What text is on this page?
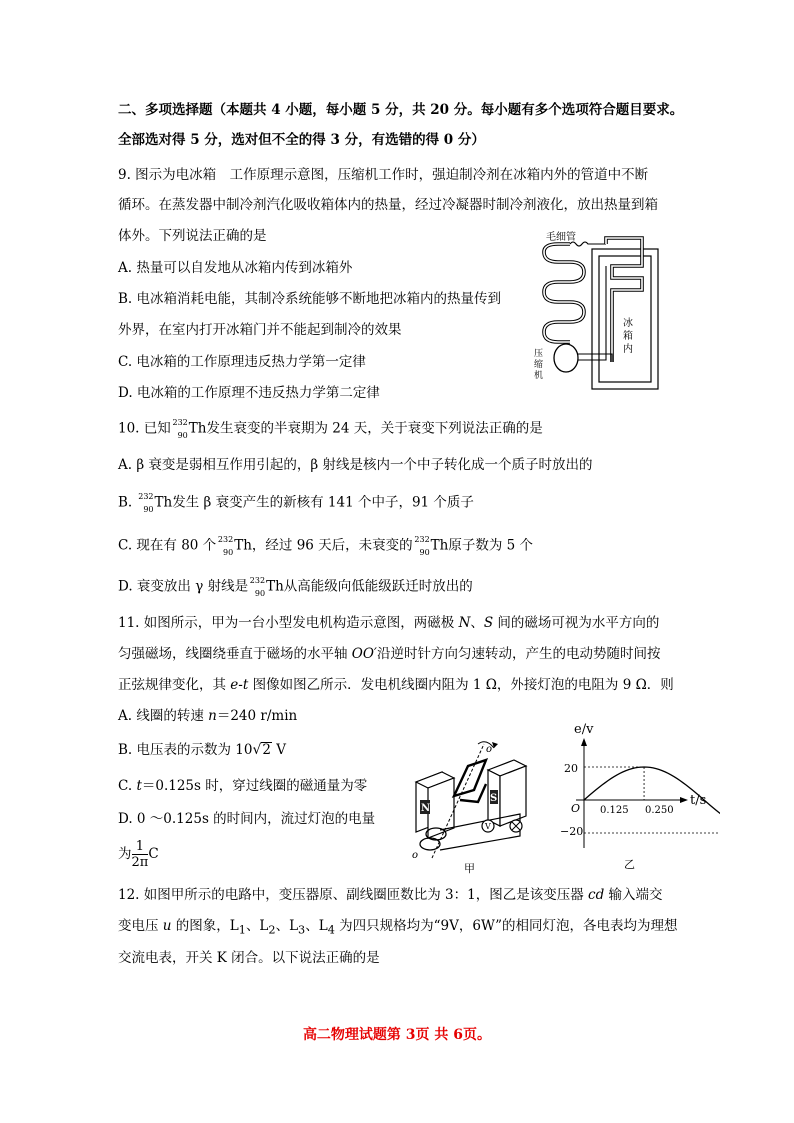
二、多项选择题（本题共 4 小题，每小题 5 分，共 20 分。每小题有多个选项符合题目要求。
全部选对得 5 分，选对但不全的得 3 分，有选错的得 0 分）
9. 图示为电冰箱　工作原理示意图，压缩机工作时，强迫制冷剂在冰箱内外的管道中不断
循环。在蒸发器中制冷剂汽化吸收箱体内的热量，经过冷凝器时制冷剂液化，放出热量到箱
体外。下列说法正确的是
A. 热量可以自发地从冰箱内传到冰箱外
B. 电冰箱消耗电能，其制冷系统能够不断地把冰箱内的热量传到
外界，在室内打开冰箱门并不能起到制冷的效果
C. 电冰箱的工作原理违反热力学第一定律
D. 电冰箱的工作原理不违反热力学第二定律
毛细管
冰
箱
内
压
缩
机
10. 已知 232
90 Th发生衰变的半衰期为 24 天，关于衰变下列说法正确的是
A. β 衰变是弱相互作用引起的，β 射线是核内一个中子转化成一个质子时放出的
B. 232
90 Th发生 β 衰变产生的新核有 141 个中子，91 个质子
C. 现在有 80 个 232
90 Th，经过 96 天后，未衰变的 232
90 Th原子数为 5 个
D. 衰变放出 γ 射线是 232
90 Th从高能级向低能级跃迁时放出的
11. 如图所示，甲为一台小型发电机构造示意图，两磁极 N、S 间的磁场可视为水平方向的
匀强磁场，线圈绕垂直于磁场的水平轴 OO′沿逆时针方向匀速转动，产生的电动势随时间按
正弦规律变化，其 e-t 图像如图乙所示．发电机线圈内阻为 1 Ω，外接灯泡的电阻为 9 Ω．则
A. 线圈的转速 n＝240 r/min
B. 电压表的示数为 10√2 V
C. t＝0.125s 时，穿过线圈的磁通量为零
D. 0 ～0.125s 的时间内，流过灯泡的电量
为 $\frac{1}{2\pi}$ C
N
S
o
o
V
甲
e/v
t/s
20
−20
O 0.125 0.250
乙
12. 如图甲所示的电路中，变压器原、副线圈匝数比为 3：1，图乙是该变压器 cd 输入端交
变电压 u 的图象，$L_1$、$L_2$、$L_3$、$L_4$ 为四只规格均为“9V，6W”的相同灯泡，各电表均为理想
交流电表，开关 K 闭合。以下说法正确的是
高二物理试题第 3页 共 6页。
